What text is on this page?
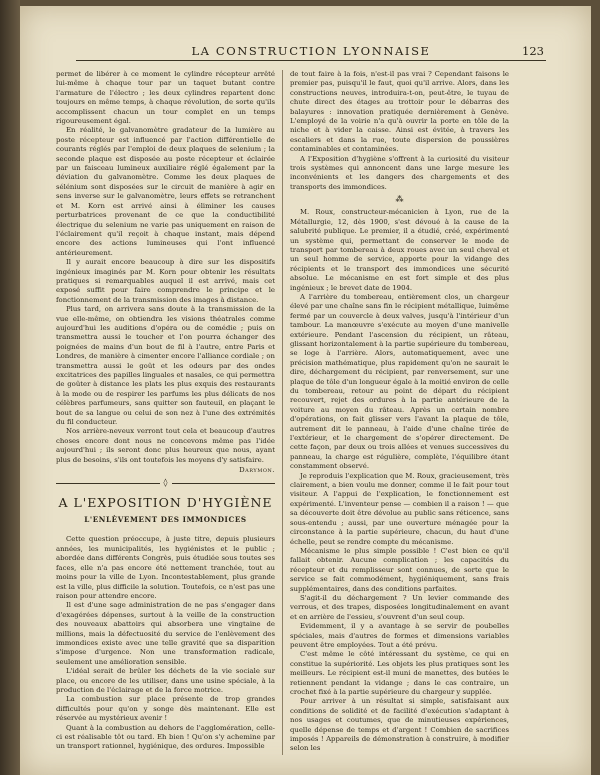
LA CONSTRUCTION LYONNAISE	123

permet de libérer à ce moment le cylindre récepteur arrêté lui-même à chaque tour par un taquet butant contre l'armature de l'électro ; les deux cylindres repartent donc toujours en même temps, à chaque révolution, de sorte qu'ils accomplissent chacun un tour complet en un temps rigoureusement égal.

En réalité, le galvanomètre gradateur de la lumière au poste récepteur est influencé par l'action différentielle de courants réglés par l'emploi de deux plaques de selenium ; la seconde plaque est disposée au poste récepteur et éclairée par un faisceau lumineux auxiliaire réglé également par la déviation du galvanomètre. Comme les deux plaques de sélénium sont disposées sur le circuit de manière à agir en sens inverse sur le galvanomètre, leurs effets se retranchent et M. Korn est arrivé ainsi à éliminer les causes perturbatrices provenant de ce que la conductibilité électrique du selenium ne varie pas uniquement en raison de l'éclairement qu'il reçoit à chaque instant, mais dépend encore des actions lumineuses qui l'ont influencé antérieurement.

Il y aurait encore beaucoup à dire sur les dispositifs ingénieux imaginés par M. Korn pour obtenir les résultats pratiques si remarquables auquel il est arrivé, mais cet exposé suffit pour faire comprendre le principe et le fonctionnement de la transmission des images à distance.

Plus tard, on arrivera sans doute à la transmission de la vue elle-même, on obtiendra les visions théatrales comme aujourd'hui les auditions d'opéra ou de comédie ; puis on transmettra aussi le toucher et l'on pourra échanger des poignées de mains d'un bout de fil à l'autre, entre Paris et Londres, de manière à cimenter encore l'alliance cordiale ; on transmettra aussi le goût et les odeurs par des ondes excitatrices des papilles linguales et nasales, ce qui permettra de goûter à distance les plats les plus exquis des restaurants à la mode ou de respirer les parfums les plus délicats de nos célèbres parfumeurs, sans quitter son fauteuil, en plaçant le bout de sa langue ou celui de son nez à l'une des extrémités du fil conducteur.

Nos arrière-neveux verront tout cela et beaucoup d'autres choses encore dont nous ne concevons même pas l'idée aujourd'hui ; ils seront donc plus heureux que nous, ayant plus de besoins, s'ils ont toutefois les moyens d'y satisfaire.

Darymon.

◊
A L'EXPOSITION D'HYGIÈNE
L'ENLÈVEMENT DES IMMONDICES

Cette question préoccupe, à juste titre, depuis plusieurs années, les municipalités, les hygiénistes et le public ; abordée dans différents Congrès, puis étudiée sous toutes ses faces, elle n'a pas encore été nettement tranchée, tout au moins pour la ville de Lyon. Incontestablement, plus grande est la ville, plus difficile la solution. Toutefois, ce n'est pas une raison pour attendre encore.

Il est d'une sage administration de ne pas s'engager dans d'exagérées dépenses, surtout à la veille de la construction des nouveaux abattoirs qui absorbera une vingtaine de millions, mais la défectuosité du service de l'enlèvement des immondices existe avec une telle gravité que sa disparition s'impose d'urgence. Non une transformation radicale, seulement une amélioration sensible.

L'idéal serait de brûler les déchets de la vie sociale sur place, ou encore de les utiliser, dans une usine spéciale, à la production de l'éclairage et de la force motrice.

La combustion sur place présente de trop grandes difficultés pour qu'on y songe dès maintenant. Elle est réservée au mystérieux avenir !

Quant à la combustion au dehors de l'agglomération, celle-ci est réalisable tôt ou tard. Eh bien ! Qu'on s'y achemine par un transport rationnel, hygiénique, des ordures. Impossible

de tout faire à la fois, n'est-il pas vrai ? Cependant faisons le premier pas, puisqu'il le faut, quoi qu'il arrive. Alors, dans les constructions neuves, introduira-t-on, peut-être, le tuyau de chute direct des étages au trottoir pour le débarras des balayures : innovation pratiquée dernièrement à Genève. L'employé de la voirie n'a qu'à ouvrir la porte en tôle de la niche et à vider la caisse. Ainsi est évitée, à travers les escaliers et dans la rue, toute dispersion de poussières contaminables et contaminées.

A l'Exposition d'hygiène s'offrent à la curiosité du visiteur trois systèmes qui annoncent dans une large mesure les inconvénients et les dangers des chargements et des transports des immondices.

⁂

M. Roux, constructeur-mécanicien à Lyon, rue de la Métallurgie, 12, dès 1900, s'est dévoué à la cause de la salubrité publique. Le premier, il a étudié, créé, expérimenté un système qui, permettant de conserver le mode de transport par tombereau à deux roues avec un seul cheval et un seul homme de service, apporte pour la vidange des récipients et le transport des immondices une sécurité absolue. Le mécanisme en est fort simple et des plus ingénieux ; le brevet date de 1904.

A l'arrière du tombereau, entièrement clos, un chargeur élevé par une chaîne sans fin le récipient métallique, luimême fermé par un couvercle à deux valves, jusqu'à l'intérieur d'un tambour. La manœuvre s'exécute au moyen d'une manivelle extérieure. Pendant l'ascension du récipient, un râteau, glissant horizontalement à la partie supérieure du tombereau, se loge à l'arrière. Alors, automatiquement, avec une précision mathématique, plus rapidement qu'on ne saurait le dire, déchargement du récipient, par renversement, sur une plaque de tôle d'un longueur égale à la moitié environ de celle du tombereau, retour au point de départ du récipient recouvert, rejet des ordures à la partie antérieure de la voiture au moyen du râteau. Après un certain nombre d'opérations, on fait glisser vers l'avant la plaque de tôle, autrement dit le panneau, à l'aide d'une chaîne tirée de l'extérieur, et le chargement de s'opérer directement. De cette façon, par deux ou trois allées et venues successives du panneau, la charge est régulière, complète, l'équilibre étant constamment observé.

Je reproduis l'explication que M. Roux, gracieusement, très clairement, a bien voulu me donner, comme il le fait pour tout visiteur. A l'appui de l'explication, le fonctionnement est expérimenté. L'inventeur pense — combien il a raison ! — que sa découverte doit être dévolue au public sans réticence, sans sous-entendu ; aussi, par une ouverture ménagée pour la circonstance à la partie supérieure, chacun, du haut d'une échelle, peut se rendre compte du mécanisme.

Mécanisme le plus simple possible ! C'est bien ce qu'il fallait obtenir. Aucune complication ; les capacités du récepteur et du remplisseur sont connues, de sorte que le service se fait commodément, hygiéniquement, sans frais supplémentaires, dans des conditions parfaites.

S'agit-il du déchargement ? Un levier commande des verrous, et des trapes, disposées longitudinalement en avant et en arrière de l'essieu, s'ouvrent d'un seul coup.

Evidemment, il y a avantage à se servir de poubelles spéciales, mais d'autres de formes et dimensions variables peuvent être employées. Tout a été prévu.

C'est même le côté intéressant du système, ce qui en constitue la supériorité. Les objets les plus pratiques sont les meilleurs. Le récipient est-il muni de manettes, des butées le retiennent pendant la vidange ; dans le cas contraire, un crochet fixé à la partie supérieure du chargeur y supplée.

Pour arriver à un résultat si simple, satisfaisant aux conditions de solidité et de facilité d'exécution s'adaptant à nos usages et coutumes, que de minutieuses expériences, quelle dépense de temps et d'argent ! Combien de sacrifices imposés ! Appareils de démonstration à construire, à modifier selon les
